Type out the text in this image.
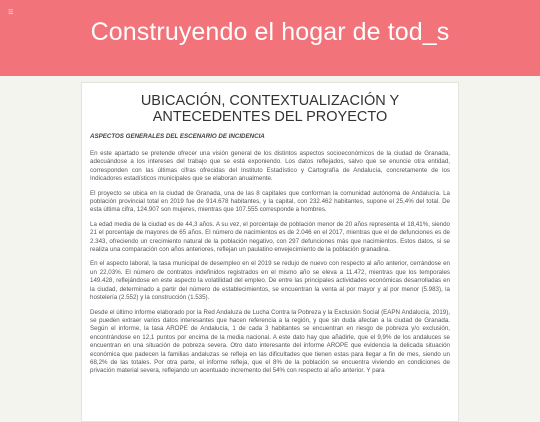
☰
Construyendo el hogar de tod_s
UBICACIÓN, CONTEXTUALIZACIÓN Y ANTECEDENTES DEL PROYECTO
ASPECTOS GENERALES DEL ESCENARIO DE INCIDENCIA

En este apartado se pretende ofrecer una visión general de los distintos aspectos socioeconómicos de la ciudad de Granada, adecuándose a los intereses del trabajo que se está exponiendo. Los datos reflejados, salvo que se enuncie otra entidad, corresponden con las últimas cifras ofrecidas del Instituto Estadístico y Cartografía de Andalucía, concretamente de los Indicadores estadísticos municipales que se elaboran anualmente.

El proyecto se ubica en la ciudad de Granada, una de las 8 capitales que conforman la comunidad autónoma de Andalucía. La población provincial total en 2019 fue de 914.678 habitantes, y la capital, con 232.462 habitantes, supone el 25,4% del total. De esta última cifra, 124.907 son mujeres, mientras que 107.555 corresponde a hombres.

La edad media de la ciudad es de 44,3 años. A su vez, el porcentaje de población menor de 20 años representa el 18,41%, siendo 21 el porcentaje de mayores de 65 años. El número de nacimientos es de 2.046 en el 2017, mientras que el de defunciones es de 2.343, ofreciendo un crecimiento natural de la población negativo, con 297 defunciones más que nacimientos. Estos datos, si se realiza una comparación con años anteriores, reflejan un paulatino envejecimiento de la población granadina.

En el aspecto laboral, la tasa municipal de desempleo en el 2019 se redujo de nuevo con respecto al año anterior, cerrándose en un 22,03%. El número de contratos indefinidos registrados en el mismo año se eleva a 11.472, mientras que los temporales 149.428, reflejándose en este aspecto la volatilidad del empleo. De entre las principales actividades económicas desarrolladas en la ciudad, determinado a partir del número de establecimientos, se encuentran la venta al por mayor y al por menor (5.983), la hostelería (2.552) y la construcción (1.535).

Desde el último informe elaborado por la Red Andaluza de Lucha Contra la Pobreza y la Exclusión Social (EAPN Andalucía, 2019), se pueden extraer varios datos interesantes que hacen referencia a la región, y que sin duda afectan a la ciudad de Granada. Según el informe, la tasa AROPE de Andalucía, 1 de cada 3 habitantes se encuentran en riesgo de pobreza y/o exclusión, encontrándose en 12,1 puntos por encima de la media nacional. A este dato hay que añadirle, que el 9,9% de los andaluces se encuentran en una situación de pobreza severa. Otro dato interesante del informe AROPE que evidencia la delicada situación económica que padecen la familias andaluzas se refleja en las dificultades que tienen estas para llegar a fin de mes, siendo un 68,2% de las totales. Por otra parte, el informe refleja, que el 8% de la población se encuentra viviendo en condiciones de privación material severa, reflejando un acentuado incremento del 54% con respecto al año anterior. Y para
